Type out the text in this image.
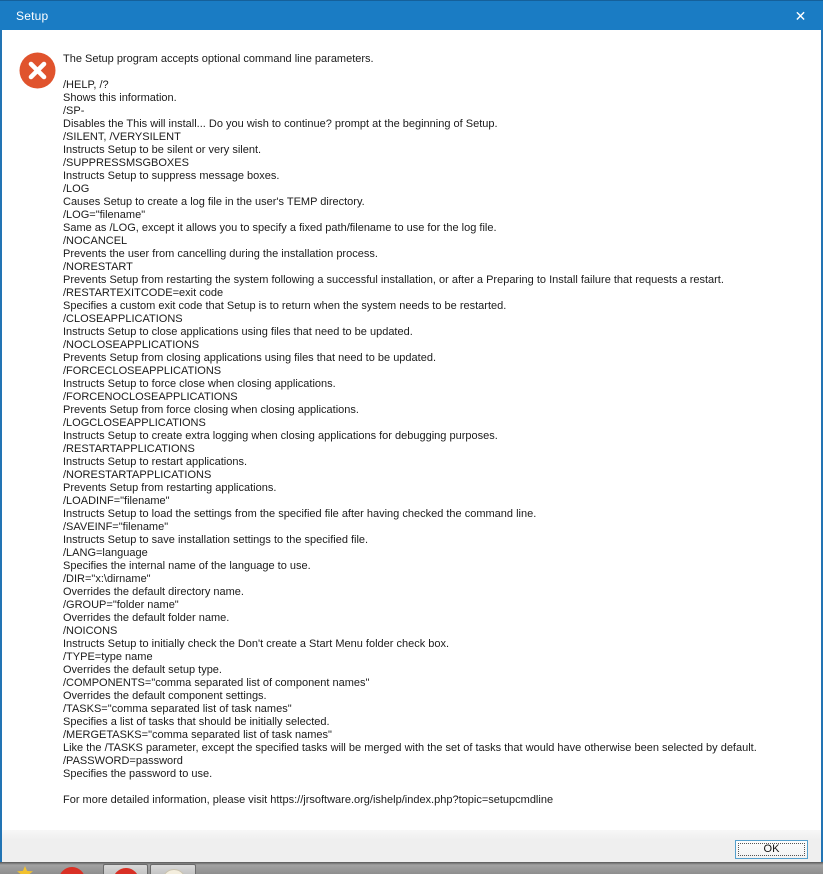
Setup	✕
The Setup program accepts optional command line parameters.

/HELP, /?
Shows this information.
/SP-
Disables the This will install... Do you wish to continue? prompt at the beginning of Setup.
/SILENT, /VERYSILENT
Instructs Setup to be silent or very silent.
/SUPPRESSMSGBOXES
Instructs Setup to suppress message boxes.
/LOG
Causes Setup to create a log file in the user's TEMP directory.
/LOG="filename"
Same as /LOG, except it allows you to specify a fixed path/filename to use for the log file.
/NOCANCEL
Prevents the user from cancelling during the installation process.
/NORESTART
Prevents Setup from restarting the system following a successful installation, or after a Preparing to Install failure that requests a restart.
/RESTARTEXITCODE=exit code
Specifies a custom exit code that Setup is to return when the system needs to be restarted.
/CLOSEAPPLICATIONS
Instructs Setup to close applications using files that need to be updated.
/NOCLOSEAPPLICATIONS
Prevents Setup from closing applications using files that need to be updated.
/FORCECLOSEAPPLICATIONS
Instructs Setup to force close when closing applications.
/FORCENOCLOSEAPPLICATIONS
Prevents Setup from force closing when closing applications.
/LOGCLOSEAPPLICATIONS
Instructs Setup to create extra logging when closing applications for debugging purposes.
/RESTARTAPPLICATIONS
Instructs Setup to restart applications.
/NORESTARTAPPLICATIONS
Prevents Setup from restarting applications.
/LOADINF="filename"
Instructs Setup to load the settings from the specified file after having checked the command line.
/SAVEINF="filename"
Instructs Setup to save installation settings to the specified file.
/LANG=language
Specifies the internal name of the language to use.
/DIR="x:\dirname"
Overrides the default directory name.
/GROUP="folder name"
Overrides the default folder name.
/NOICONS
Instructs Setup to initially check the Don't create a Start Menu folder check box.
/TYPE=type name
Overrides the default setup type.
/COMPONENTS="comma separated list of component names"
Overrides the default component settings.
/TASKS="comma separated list of task names"
Specifies a list of tasks that should be initially selected.
/MERGETASKS="comma separated list of task names"
Like the /TASKS parameter, except the specified tasks will be merged with the set of tasks that would have otherwise been selected by default.
/PASSWORD=password
Specifies the password to use.

For more detailed information, please visit https://jrsoftware.org/ishelp/index.php?topic=setupcmdline
OK
